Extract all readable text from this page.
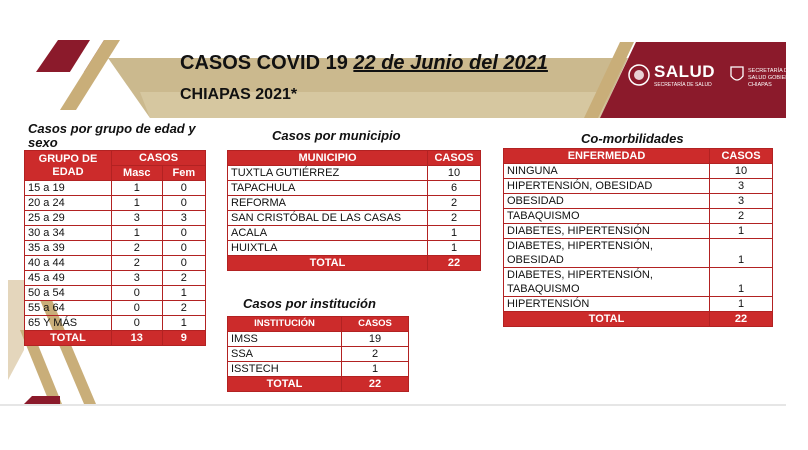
CASOS COVID 19 22 de Junio del 2021
CHIAPAS 2021*
SALUD
SECRETARÍA DE SALUD
SECRETARÍA DE SALUD GOBIERNO DE CHIAPAS
Casos por grupo de edad y sexo
GRUPO DE EDAD	CASOS	
	Masc	Fem
15 a 19	1	0
20 a 24	1	0
25 a 29	3	3
30 a 34	1	0
35 a 39	2	0
40 a 44	2	0
45 a 49	3	2
50 a 54	0	1
55 a 64	0	2
65 Y MÁS	0	1
TOTAL	13	9
Casos por municipio
MUNICIPIO	CASOS
TUXTLA GUTIÉRREZ	10
TAPACHULA	6
REFORMA	2
SAN CRISTÓBAL DE LAS CASAS	2
ACALA	1
HUIXTLA	1
TOTAL	22
Casos por institución
INSTITUCIÓN	CASOS
IMSS	19
SSA	2
ISSTECH	1
TOTAL	22
Co-morbilidades
ENFERMEDAD	CASOS
NINGUNA	10
HIPERTENSIÓN, OBESIDAD	3
OBESIDAD	3
TABAQUISMO	2
DIABETES, HIPERTENSIÓN	1
DIABETES, HIPERTENSIÓN, OBESIDAD	1
DIABETES, HIPERTENSIÓN, TABAQUISMO	1
HIPERTENSIÓN	1
TOTAL	22
